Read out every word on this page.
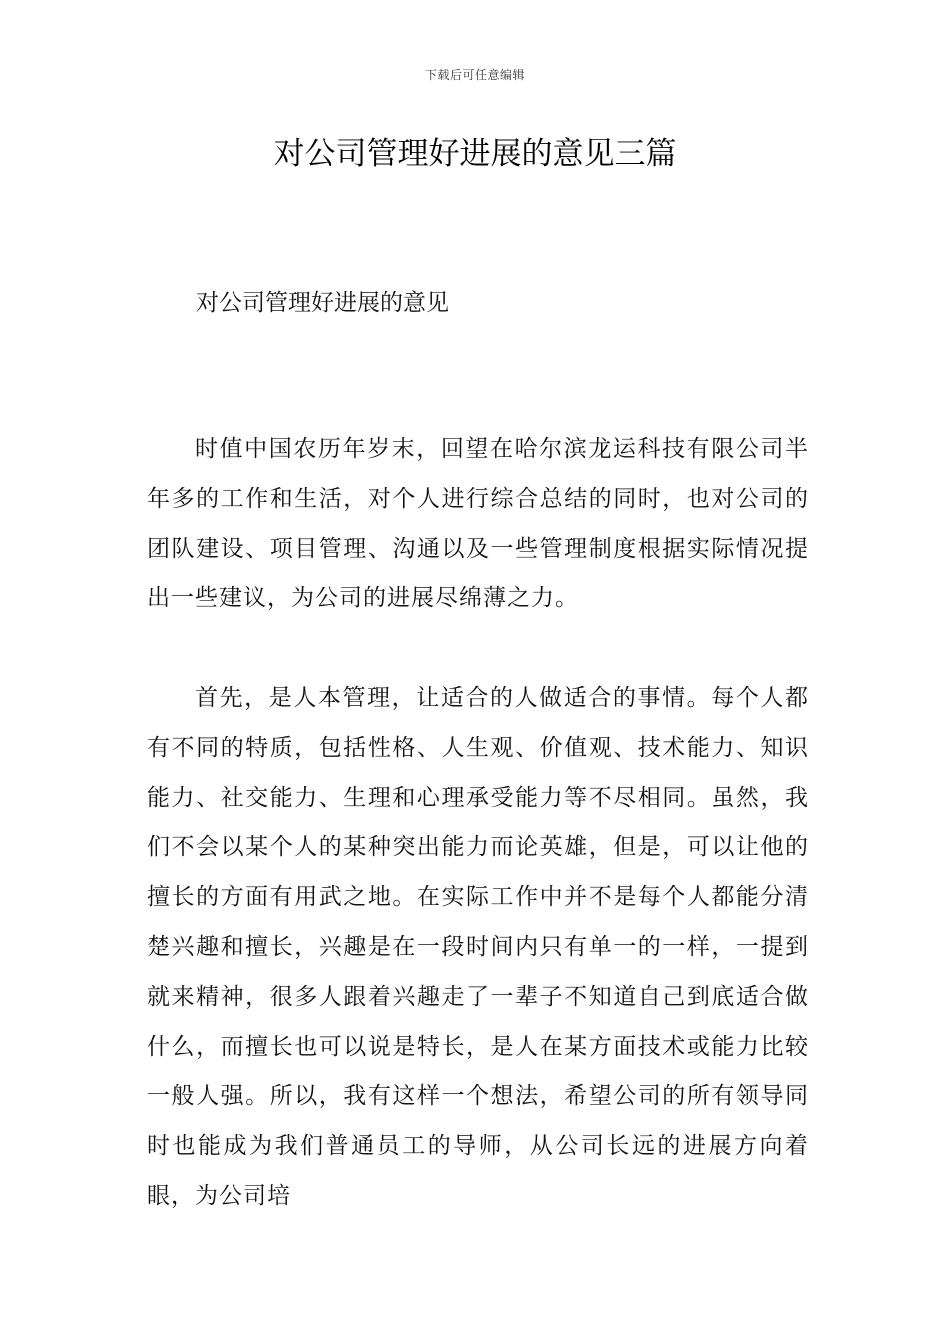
下载后可任意编辑
对公司管理好进展的意见三篇
对公司管理好进展的意见

时值中国农历年岁末，回望在哈尔滨龙运科技有限公司半年多的工作和生活，对个人进行综合总结的同时，也对公司的团队建设、项目管理、沟通以及一些管理制度根据实际情况提出一些建议，为公司的进展尽绵薄之力。

首先，是人本管理，让适合的人做适合的事情。每个人都有不同的特质，包括性格、人生观、价值观、技术能力、知识能力、社交能力、生理和心理承受能力等不尽相同。虽然，我们不会以某个人的某种突出能力而论英雄，但是，可以让他的擅长的方面有用武之地。在实际工作中并不是每个人都能分清楚兴趣和擅长，兴趣是在一段时间内只有单一的一样，一提到就来精神，很多人跟着兴趣走了一辈子不知道自己到底适合做什么，而擅长也可以说是特长，是人在某方面技术或能力比较一般人强。所以，我有这样一个想法，希望公司的所有领导同时也能成为我们普通员工的导师，从公司长远的进展方向着眼，为公司培
